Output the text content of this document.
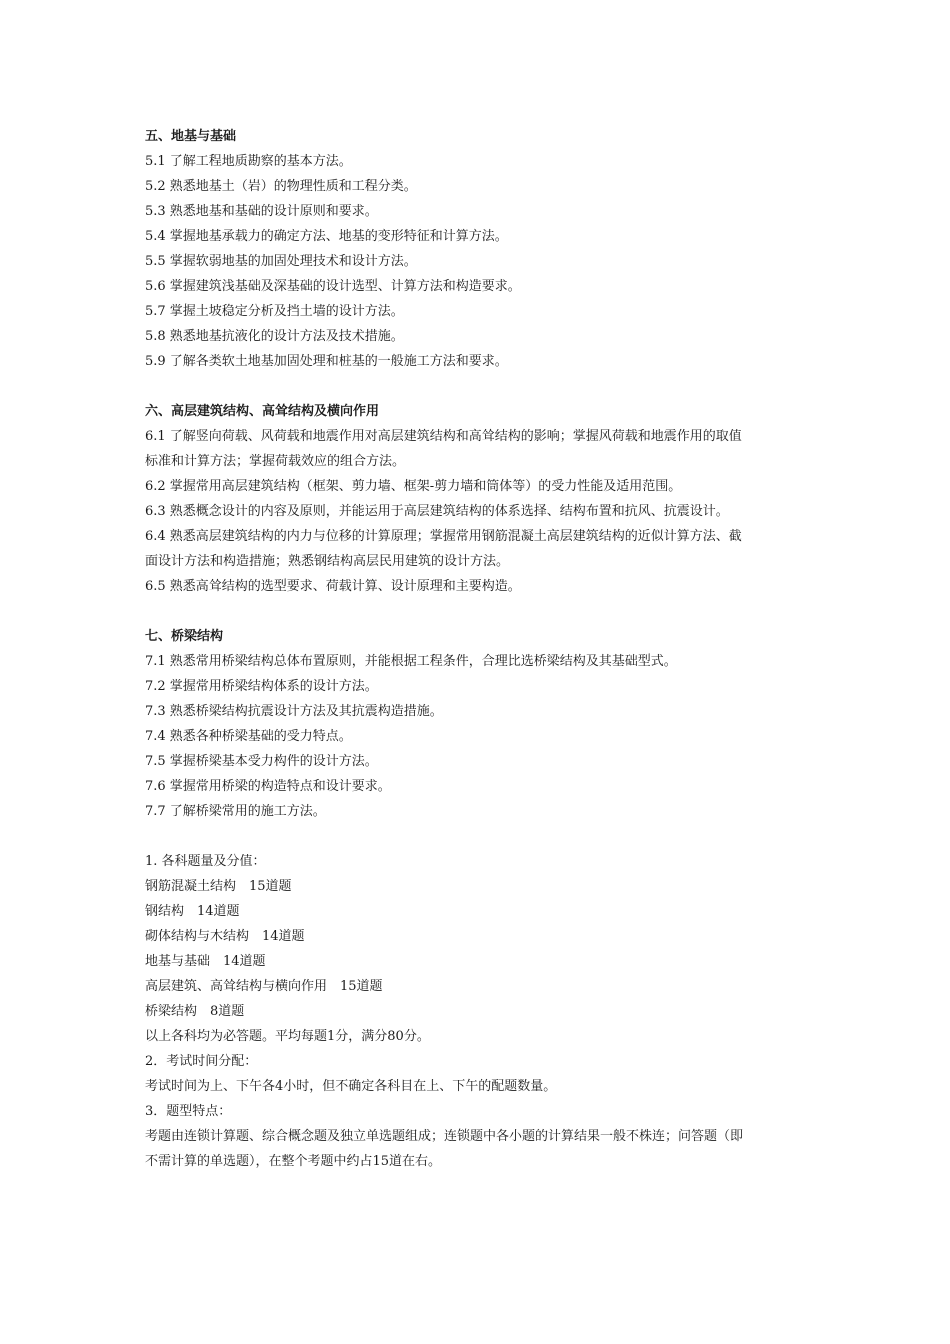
五、地基与基础

5.1 了解工程地质勘察的基本方法。

5.2 熟悉地基土（岩）的物理性质和工程分类。

5.3 熟悉地基和基础的设计原则和要求。

5.4 掌握地基承载力的确定方法、地基的变形特征和计算方法。

5.5 掌握软弱地基的加固处理技术和设计方法。

5.6 掌握建筑浅基础及深基础的设计选型、计算方法和构造要求。

5.7 掌握土坡稳定分析及挡土墙的设计方法。

5.8 熟悉地基抗液化的设计方法及技术措施。

5.9 了解各类软土地基加固处理和桩基的一般施工方法和要求。

六、高层建筑结构、高耸结构及横向作用

6.1 了解竖向荷载、风荷载和地震作用对高层建筑结构和高耸结构的影响；掌握风荷载和地震作用的取值

标准和计算方法；掌握荷载效应的组合方法。

6.2 掌握常用高层建筑结构（框架、剪力墙、框架-剪力墙和筒体等）的受力性能及适用范围。

6.3 熟悉概念设计的内容及原则，并能运用于高层建筑结构的体系选择、结构布置和抗风、抗震设计。

6.4 熟悉高层建筑结构的内力与位移的计算原理；掌握常用钢筋混凝土高层建筑结构的近似计算方法、截

面设计方法和构造措施；熟悉钢结构高层民用建筑的设计方法。

6.5 熟悉高耸结构的选型要求、荷载计算、设计原理和主要构造。

七、桥梁结构

7.1 熟悉常用桥梁结构总体布置原则，并能根据工程条件，合理比选桥梁结构及其基础型式。

7.2 掌握常用桥梁结构体系的设计方法。

7.3 熟悉桥梁结构抗震设计方法及其抗震构造措施。

7.4 熟悉各种桥梁基础的受力特点。

7.5 掌握桥梁基本受力构件的设计方法。

7.6 掌握常用桥梁的构造特点和设计要求。

7.7 了解桥梁常用的施工方法。

1. 各科题量及分值：

钢筋混凝土结构　15道题

钢结构　14道题

砌体结构与木结构　14道题

地基与基础　14道题

高层建筑、高耸结构与横向作用　15道题

桥梁结构　8道题

以上各科均为必答题。平均每题1分，满分80分。

2．考试时间分配：

考试时间为上、下午各4小时，但不确定各科目在上、下午的配题数量。

3．题型特点：

考题由连锁计算题、综合概念题及独立单选题组成；连锁题中各小题的计算结果一般不株连；问答题（即

不需计算的单选题），在整个考题中约占15道在右。
